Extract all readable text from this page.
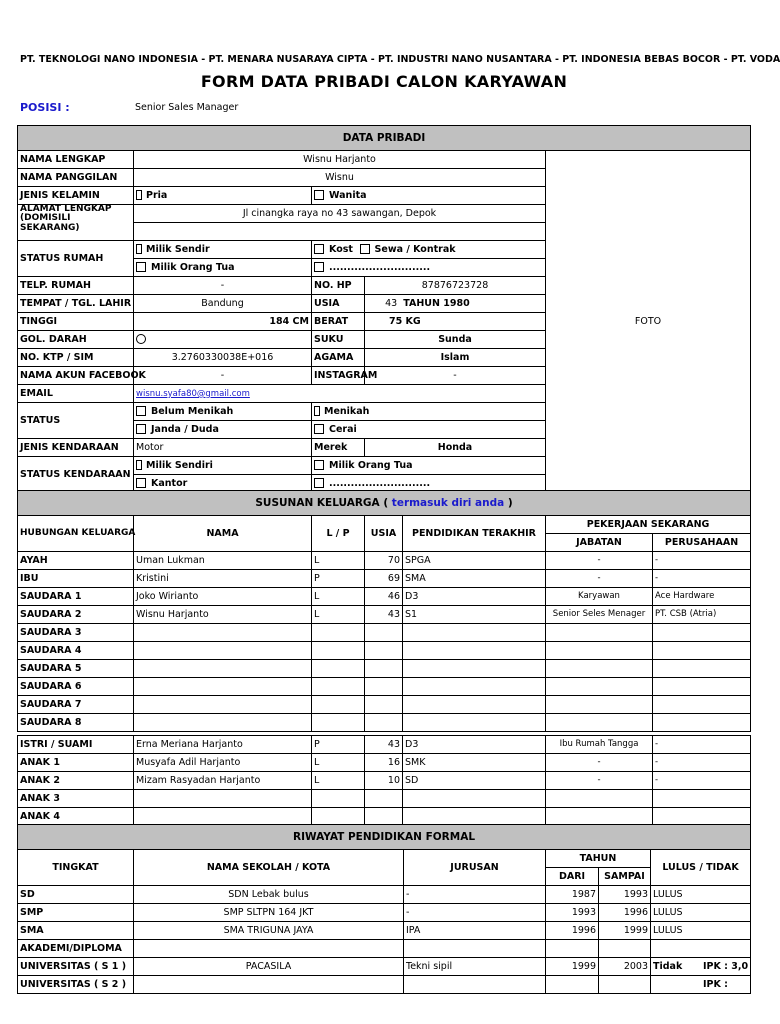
PT. TEKNOLOGI NANO INDONESIA - PT. MENARA NUSARAYA CIPTA - PT. INDUSTRI NANO NUSANTARA - PT. INDONESIA BEBAS BOCOR - PT. VODA
FORM DATA PRIBADI CALON KARYAWAN
POSISI :	Senior Sales Manager
DATA PRIBADI				
NAMA LENGKAP	Wisnu Harjanto			FOTO
NAMA PANGGILAN	Wisnu			
JENIS KELAMIN	Pria	Wanita		
ALAMAT LENGKAP (DOMISILI SEKARANG)	Jl cinangka raya no 43 sawangan, Depok			

STATUS RUMAH	Milik Sendir	Kost Sewa / Kontrak		
	Milik Orang Tua	............................		
TELP. RUMAH	-	NO. HP	87876723728	
TEMPAT / TGL. LAHIR	Bandung	USIA	43 TAHUN 1980	
TINGGI	184 CM	BERAT	75 KG	
GOL. DARAH		SUKU	Sunda	
NO. KTP / SIM	3.2760330038E+016	AGAMA	Islam	
NAMA AKUN FACEBOOK	-	INSTAGRAM	-	
EMAIL	wisnu.syafa80@gmail.com			
STATUS	Belum Menikah	Menikah		
	Janda / Duda	Cerai		
JENIS KENDARAAN	Motor	Merek	Honda	
STATUS KENDARAAN	Milik Sendiri	Milik Orang Tua		
	Kantor	............................		
SUSUNAN KELUARGA ( termasuk diri anda )						
HUBUNGAN KELUARGA	NAMA	L / P	USIA	PENDIDIKAN TERAKHIR	PEKERJAAN SEKARANG	
					JABATAN	PERUSAHAAN
AYAH	Uman Lukman	L	70	SPGA	-	-
IBU	Kristini	P	69	SMA	-	-
SAUDARA 1	Joko Wirianto	L	46	D3	Karyawan	Ace Hardware
SAUDARA 2	Wisnu Harjanto	L	43	S1	Senior Seles Menager	PT. CSB (Atria)
SAUDARA 3						
SAUDARA 4						
SAUDARA 5						
SAUDARA 6						
SAUDARA 7						
SAUDARA 8						

ISTRI / SUAMI	Erna Meriana Harjanto	P	43	D3	Ibu Rumah Tangga	-
ANAK 1	Musyafa Adil Harjanto	L	16	SMK	-	-
ANAK 2	Mizam Rasyadan Harjanto	L	10	SD	-	-
ANAK 3						
ANAK 4						
RIWAYAT PENDIDIKAN FORMAL					
TINGKAT	NAMA SEKOLAH / KOTA	JURUSAN	TAHUN		LULUS / TIDAK
			DARI	SAMPAI	
SD	SDN Lebak bulus	-	1987	1993	LULUS

SMP	SMP SLTPN 164 JKT	-	1993	1996	LULUS

SMA	SMA TRIGUNA JAYA	IPA	1996	1999	LULUS

AKADEMI/DIPLOMA					

UNIVERSITAS ( S 1 )	PACASILA	Tekni sipil	1999	2003	Tidak IPK : 3,0

UNIVERSITAS ( S 2 )					IPK :
